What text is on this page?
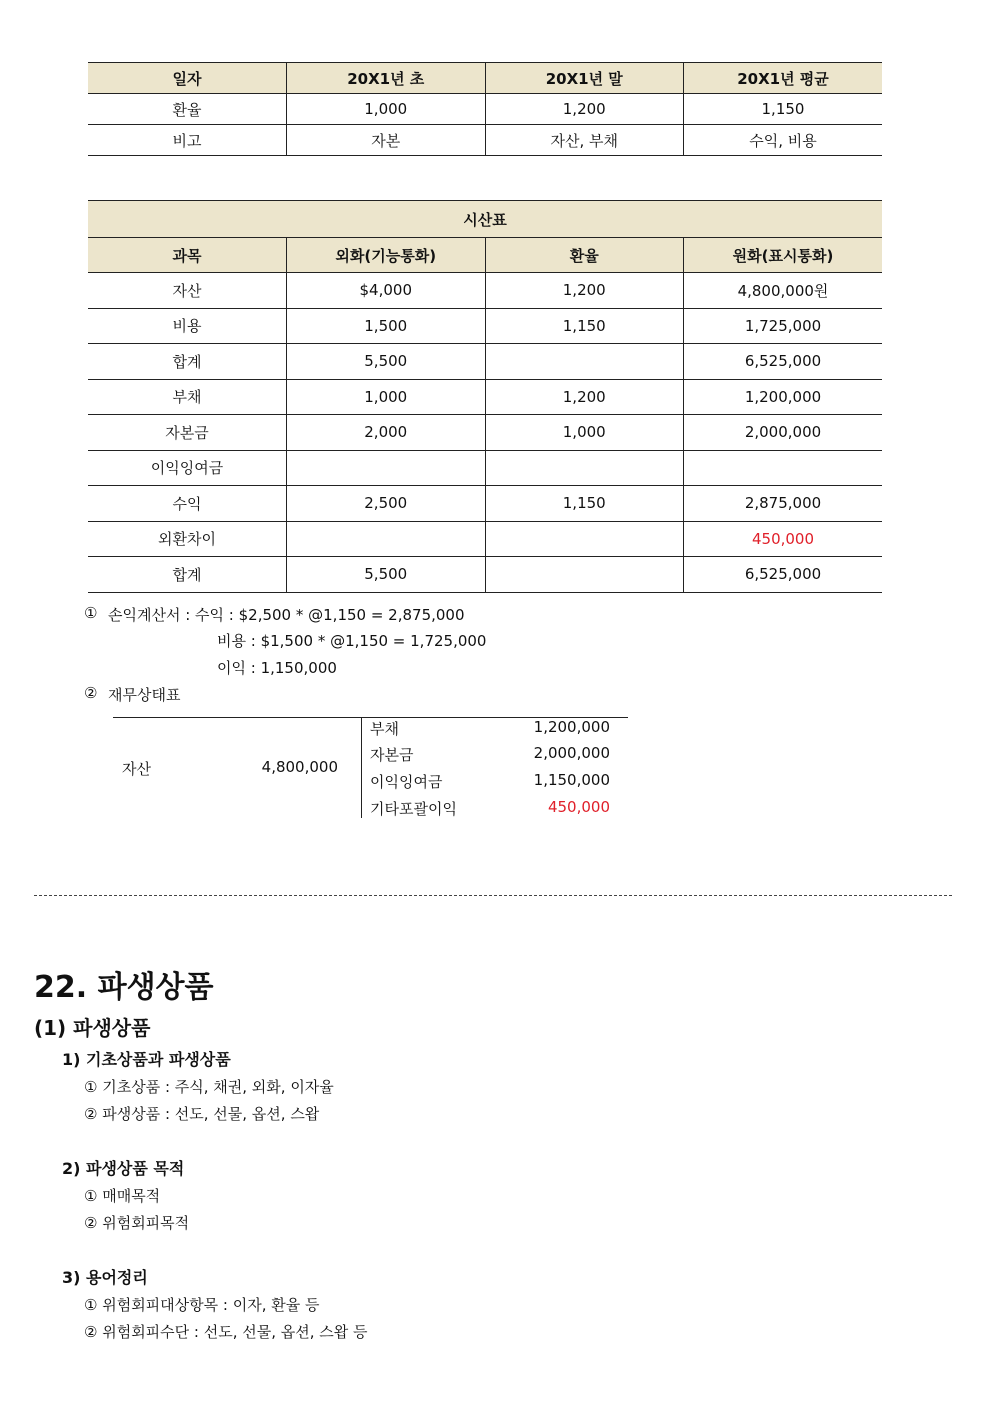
일자	20X1년 초	20X1년 말	20X1년 평균
환율	1,000	1,200	1,150
비고	자본	자산, 부채	수익, 비용
시산표			
과목	외화(기능통화)	환율	원화(표시통화)
자산	$4,000	1,200	4,800,000원
비용	1,500	1,150	1,725,000
합계	5,500		6,525,000
부채	1,000	1,200	1,200,000
자본금	2,000	1,000	2,000,000
이익잉여금			
수익	2,500	1,150	2,875,000
외환차이			450,000
합계	5,500		6,525,000
① 손익계산서 : 수익 : $2,500 * @1,150 = 2,875,000
비용 : $1,500 * @1,150 = 1,725,000
이익 : 1,150,000
② 재무상태표
자산	4,800,000
부채	1,200,000
자본금	2,000,000
이익잉여금	1,150,000
기타포괄이익	450,000
22. 파생상품
(1) 파생상품
1) 기초상품과 파생상품
① 기초상품 : 주식, 채권, 외화, 이자율
② 파생상품 : 선도, 선물, 옵션, 스왑
2) 파생상품 목적
① 매매목적
② 위험회피목적
3) 용어정리
① 위험회피대상항목 : 이자, 환율 등
② 위험회피수단 : 선도, 선물, 옵션, 스왑 등
